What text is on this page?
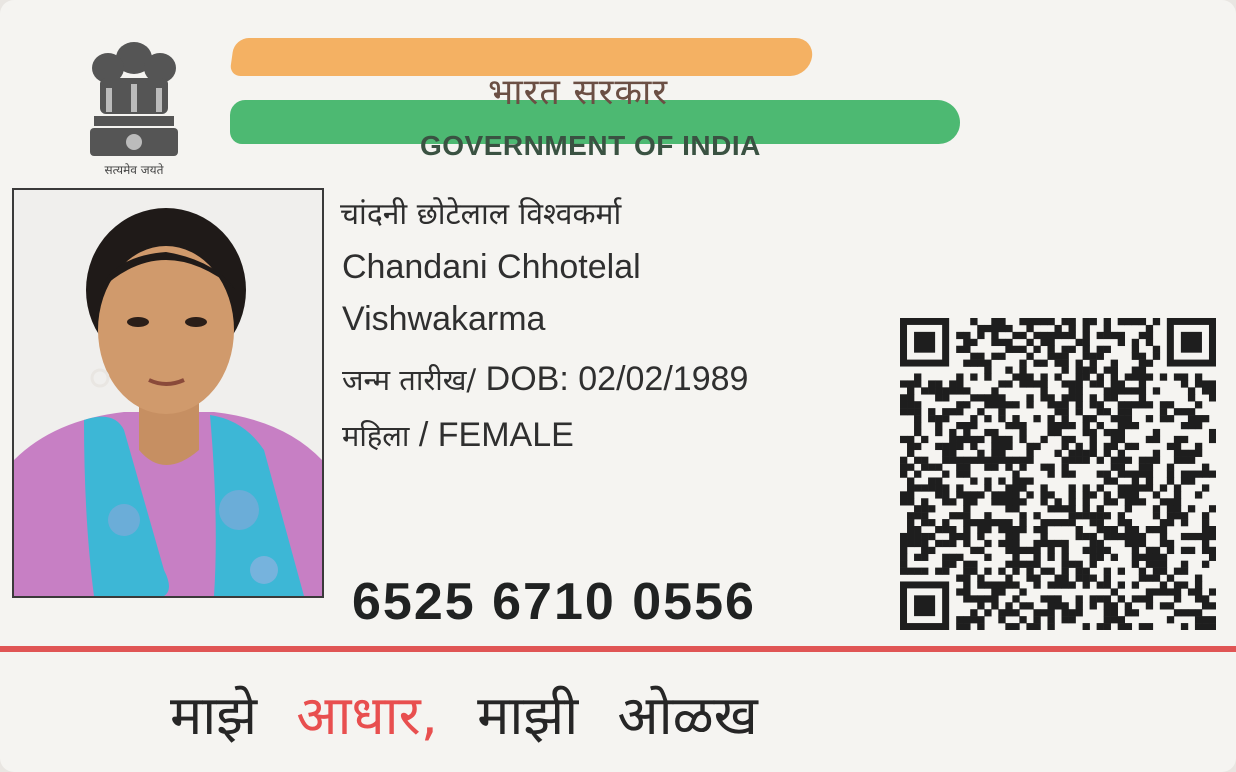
सत्यमेव जयते
भारत सरकार
GOVERNMENT OF INDIA
चांदनी छोटेलाल विश्वकर्मा
Chandani Chhotelal
Vishwakarma
जन्म तारीख/ DOB: 02/02/1989
महिला / FEMALE
6525 6710 0556
माझे आधार, माझी ओळख
